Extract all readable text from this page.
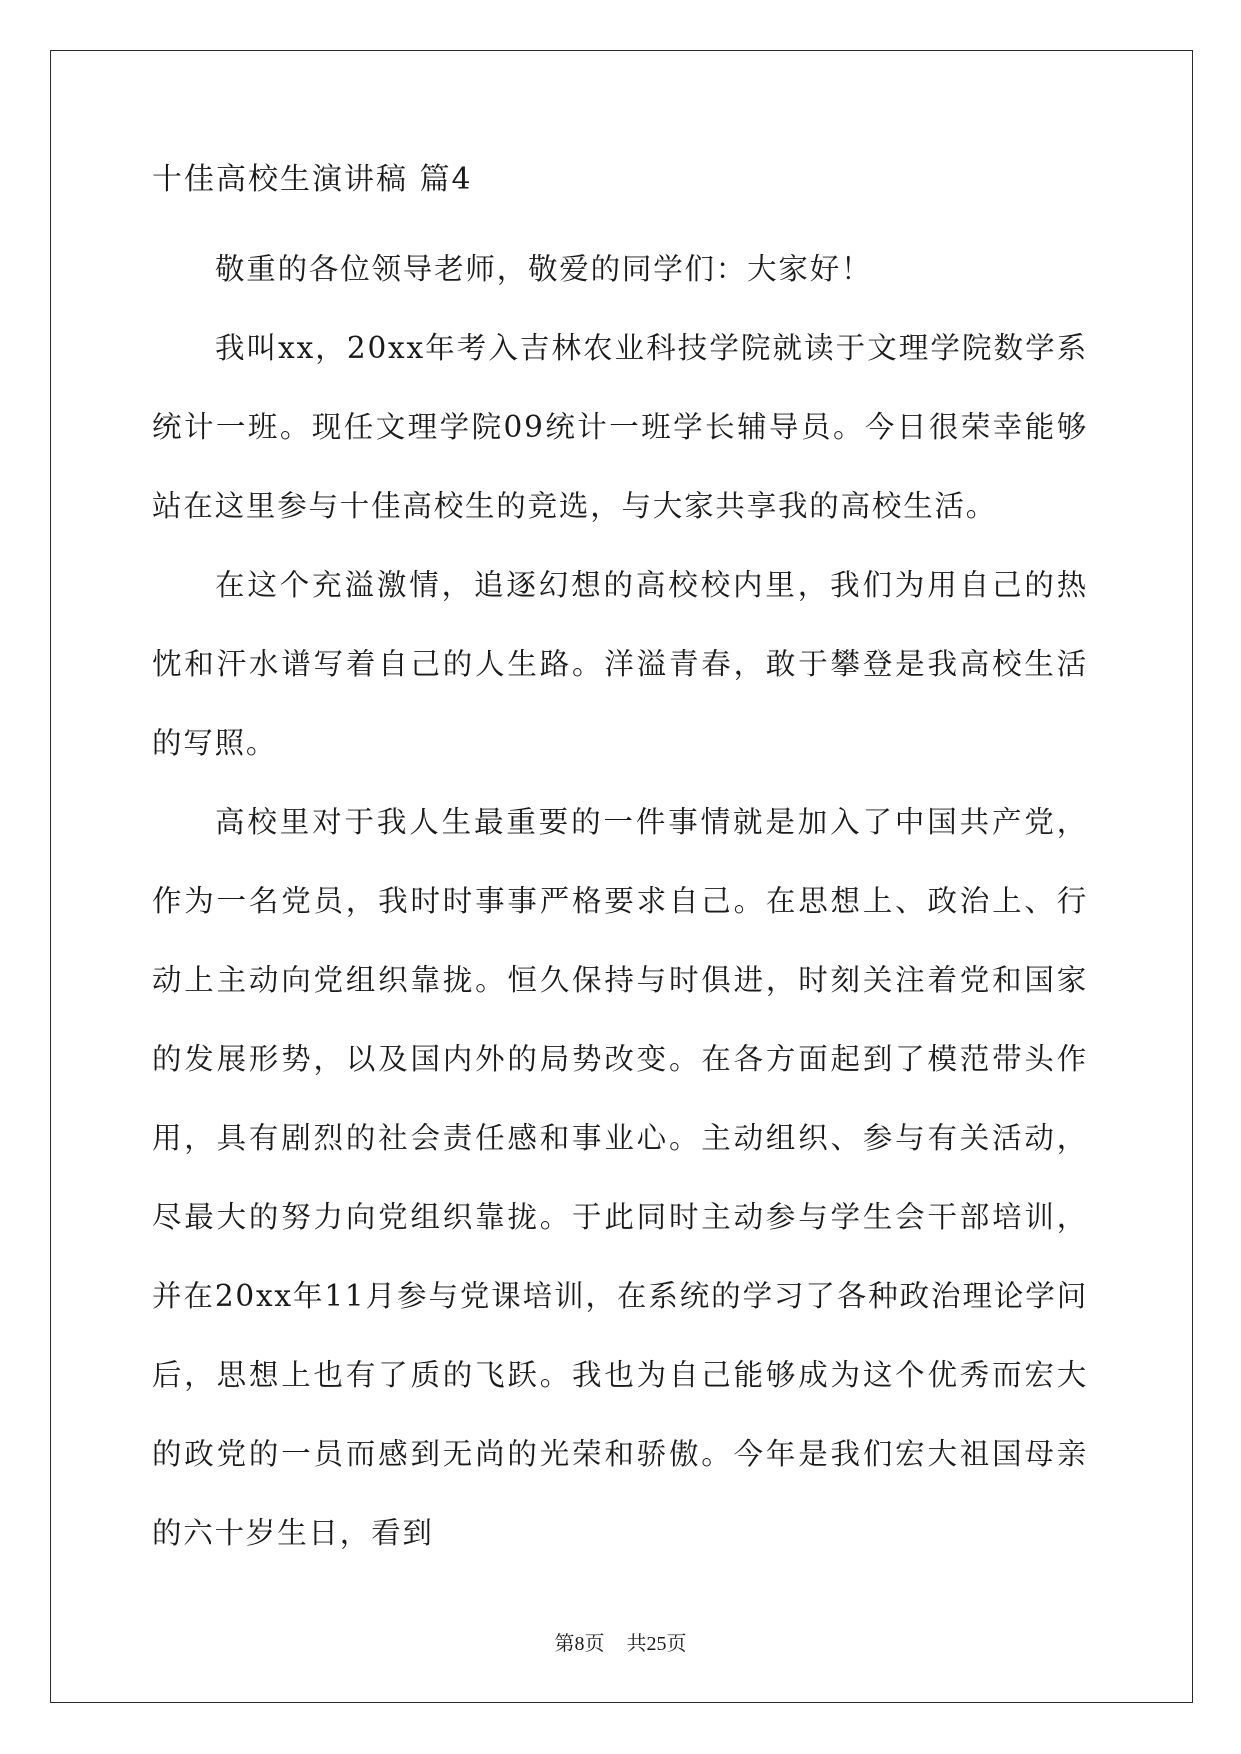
十佳高校生演讲稿 篇4

敬重的各位领导老师，敬爱的同学们：大家好！

我叫xx，20xx年考入吉林农业科技学院就读于文理学院数学系统计一班。现任文理学院09统计一班学长辅导员。今日很荣幸能够站在这里参与十佳高校生的竞选，与大家共享我的高校生活。

在这个充溢激情，追逐幻想的高校校内里，我们为用自己的热忱和汗水谱写着自己的人生路。洋溢青春，敢于攀登是我高校生活的写照。

高校里对于我人生最重要的一件事情就是加入了中国共产党，作为一名党员，我时时事事严格要求自己。在思想上、政治上、行动上主动向党组织靠拢。恒久保持与时俱进，时刻关注着党和国家的发展形势，以及国内外的局势改变。在各方面起到了模范带头作用，具有剧烈的社会责任感和事业心。主动组织、参与有关活动，尽最大的努力向党组织靠拢。于此同时主动参与学生会干部培训，并在20xx年11月参与党课培训，在系统的学习了各种政治理论学问后，思想上也有了质的飞跃。我也为自己能够成为这个优秀而宏大的政党的一员而感到无尚的光荣和骄傲。今年是我们宏大祖国母亲的六十岁生日，看到

第8页 共25页
